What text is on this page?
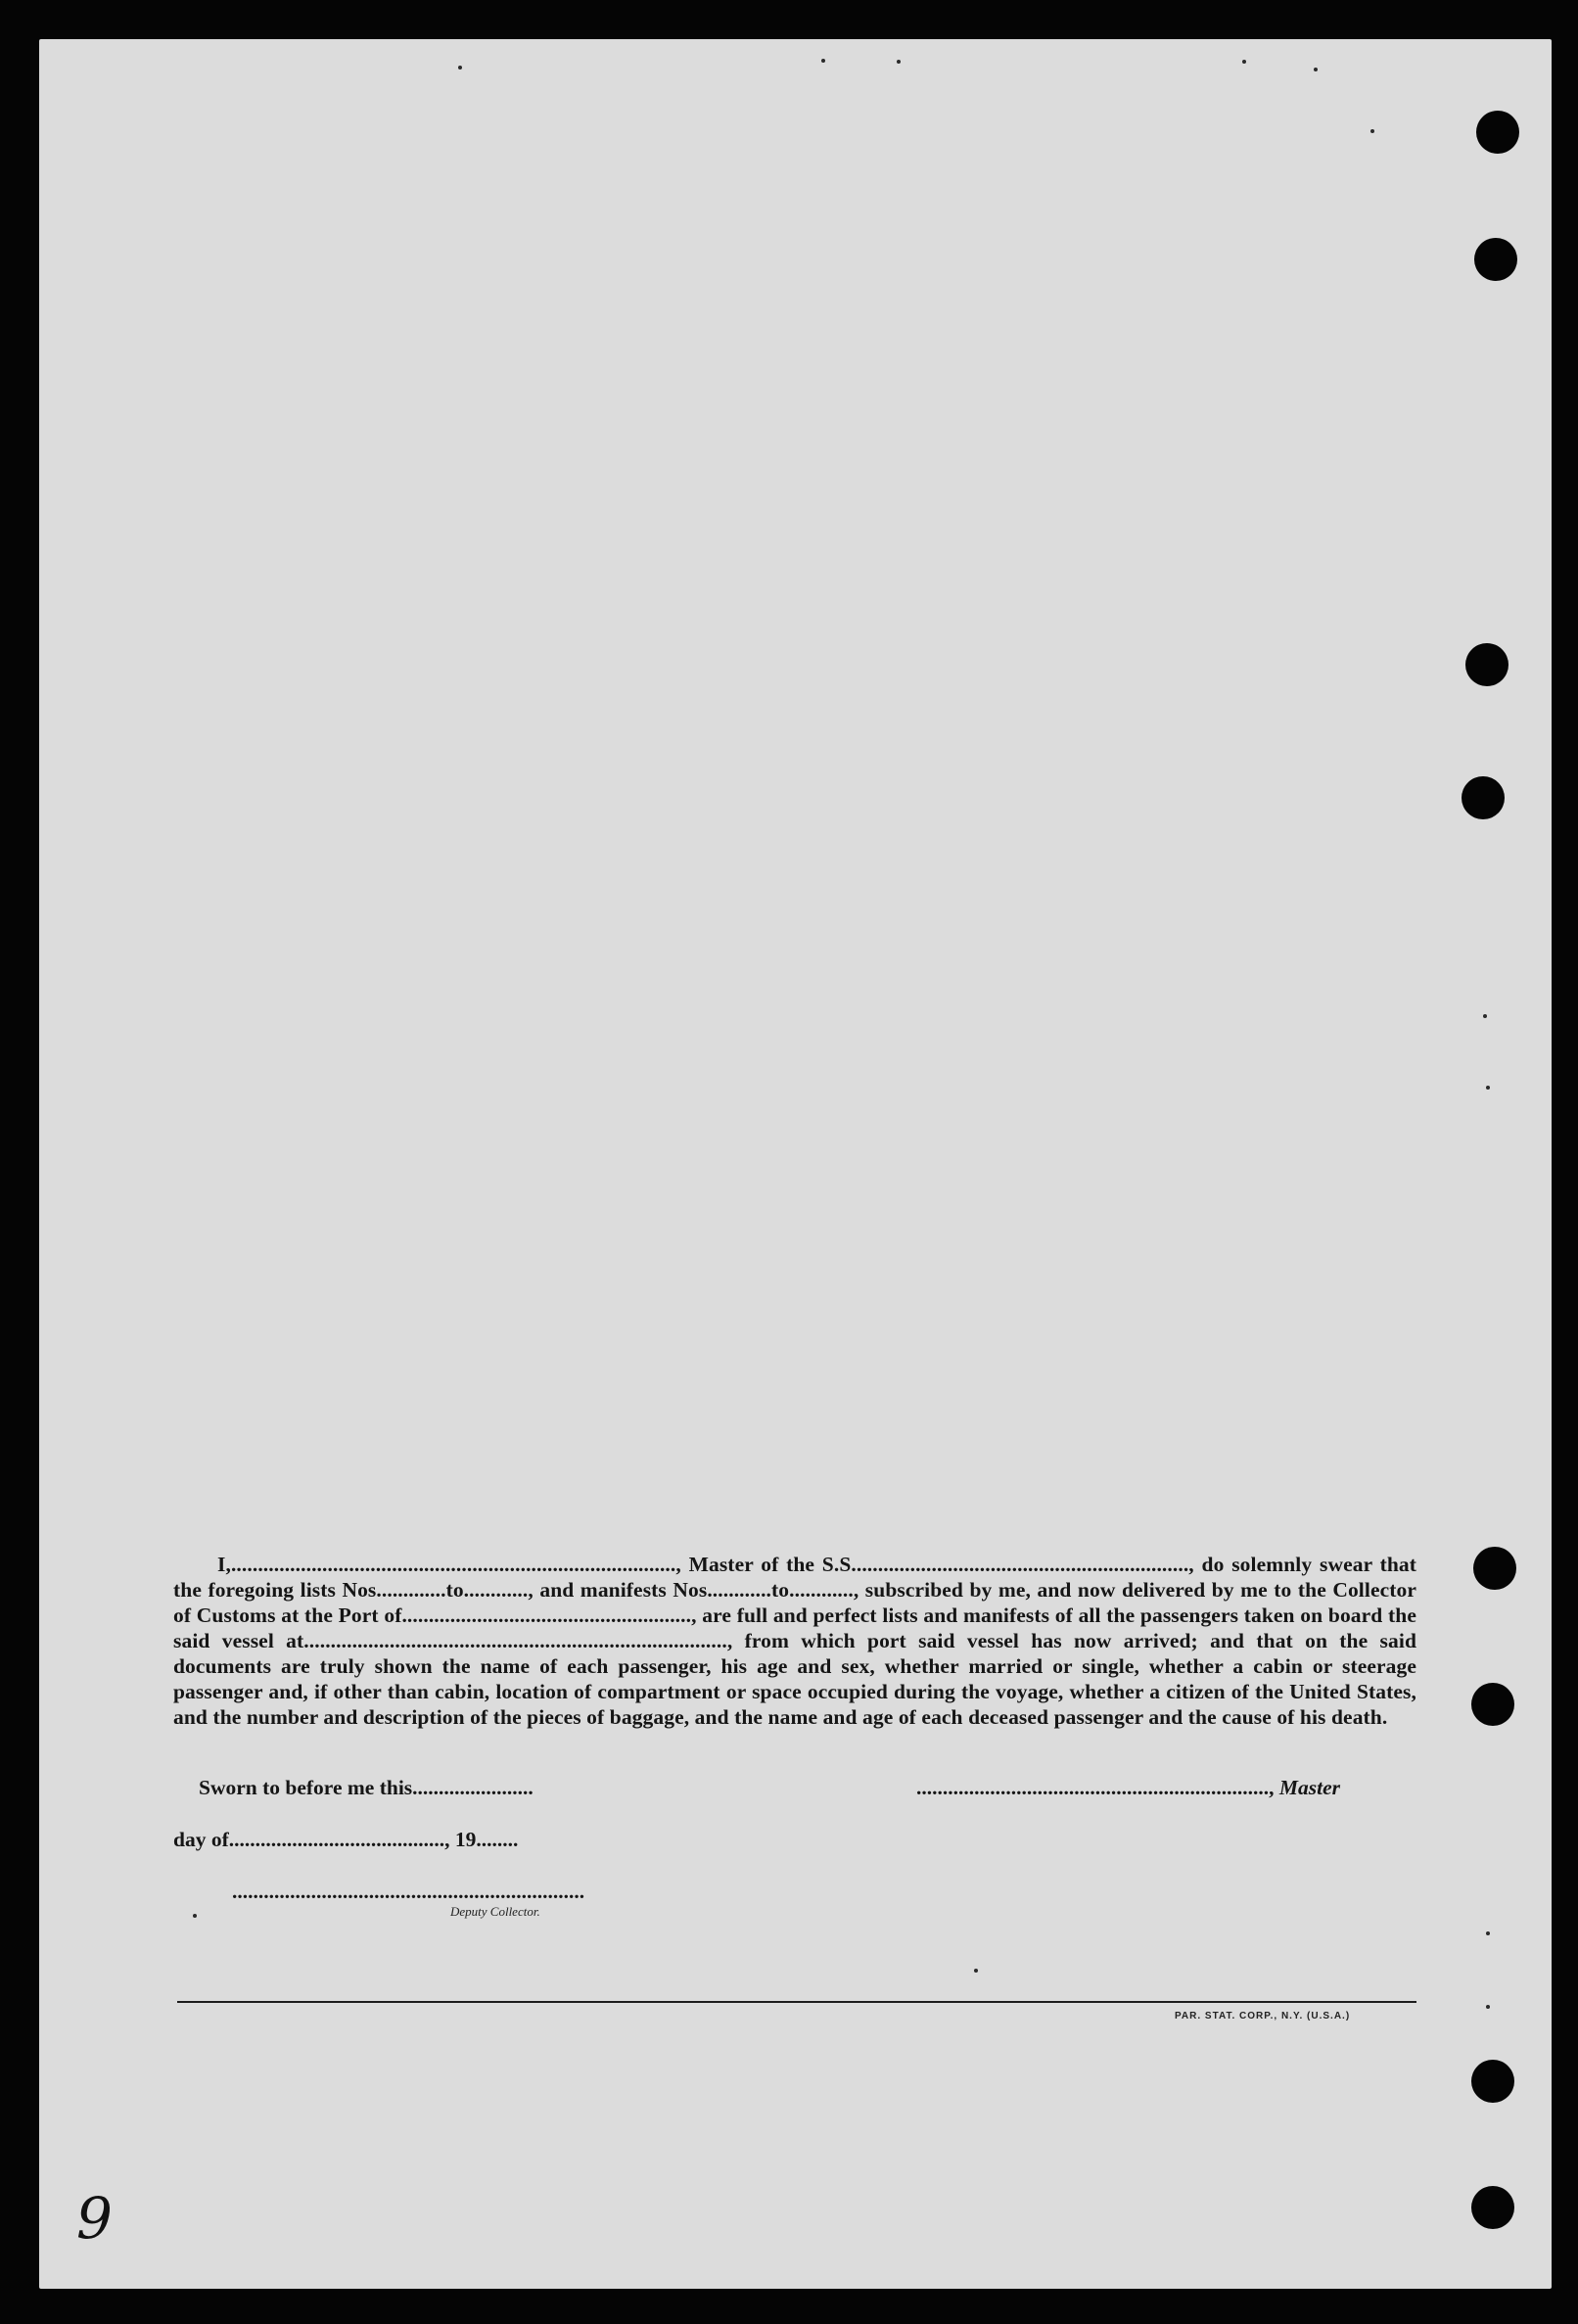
I,..................................................................................., Master of the S.S..............................................................., do solemnly swear that the foregoing lists Nos.............to............, and manifests Nos............to............, subscribed by me, and now delivered by me to the Collector of Customs at the Port of......................................................, are full and perfect lists and manifests of all the passengers taken on board the said vessel at..............................................................................., from which port said vessel has now arrived; and that on the said documents are truly shown the name of each passenger, his age and sex, whether married or single, whether a cabin or steerage passenger and, if other than cabin, location of compartment or space occupied during the voyage, whether a citizen of the United States, and the number and description of the pieces of baggage, and the name and age of each deceased passenger and the cause of his death.
Sworn to before me this.......................	..................................................................., Master
day of........................................., 19........
...................................................................
Deputy Collector.
PAR. STAT. CORP., N.Y. (U.S.A.)
9
